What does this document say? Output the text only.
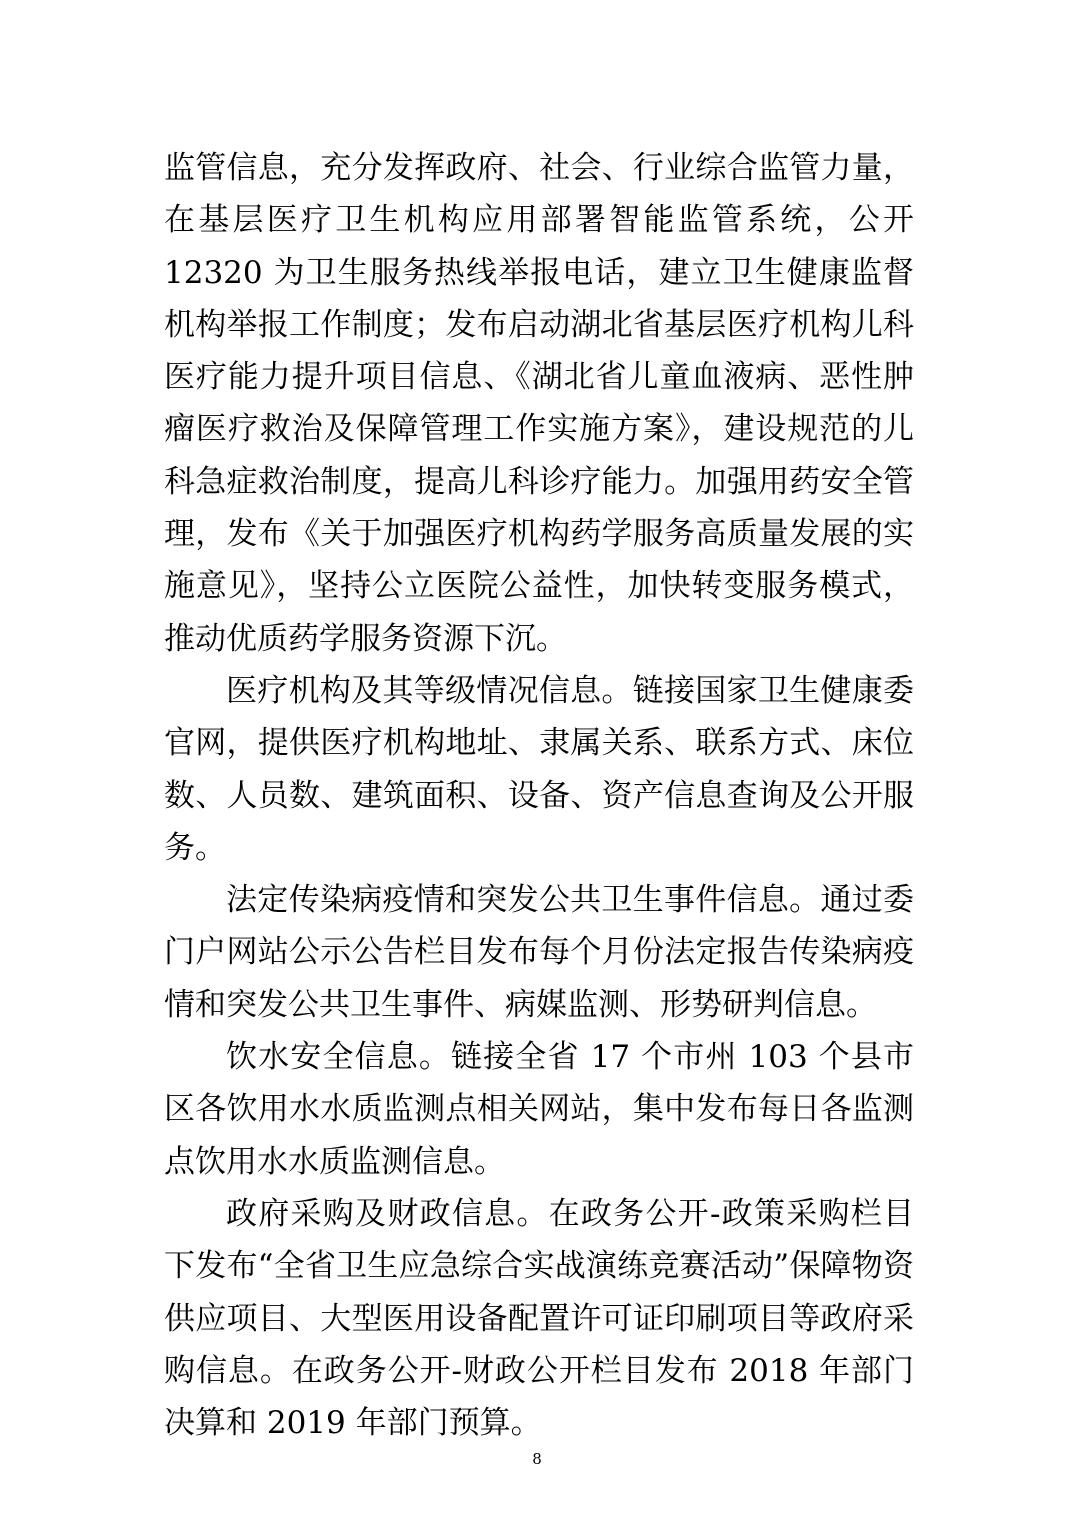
监管信息，充分发挥政府、社会、行业综合监管力量，在基层医疗卫生机构应用部署智能监管系统，公开 12320 为卫生服务热线举报电话，建立卫生健康监督机构举报工作制度；发布启动湖北省基层医疗机构儿科医疗能力提升项目信息、《湖北省儿童血液病、恶性肿瘤医疗救治及保障管理工作实施方案》，建设规范的儿科急症救治制度，提高儿科诊疗能力。加强用药安全管理，发布《关于加强医疗机构药学服务高质量发展的实施意见》，坚持公立医院公益性，加快转变服务模式，推动优质药学服务资源下沉。

医疗机构及其等级情况信息。链接国家卫生健康委官网，提供医疗机构地址、隶属关系、联系方式、床位数、人员数、建筑面积、设备、资产信息查询及公开服务。

法定传染病疫情和突发公共卫生事件信息。通过委门户网站公示公告栏目发布每个月份法定报告传染病疫情和突发公共卫生事件、病媒监测、形势研判信息。

饮水安全信息。链接全省 17 个市州 103 个县市区各饮用水水质监测点相关网站，集中发布每日各监测点饮用水水质监测信息。

政府采购及财政信息。在政务公开-政策采购栏目下发布“全省卫生应急综合实战演练竞赛活动”保障物资供应项目、大型医用设备配置许可证印刷项目等政府采购信息。在政务公开-财政公开栏目发布 2018 年部门决算和 2019 年部门预算。

8
